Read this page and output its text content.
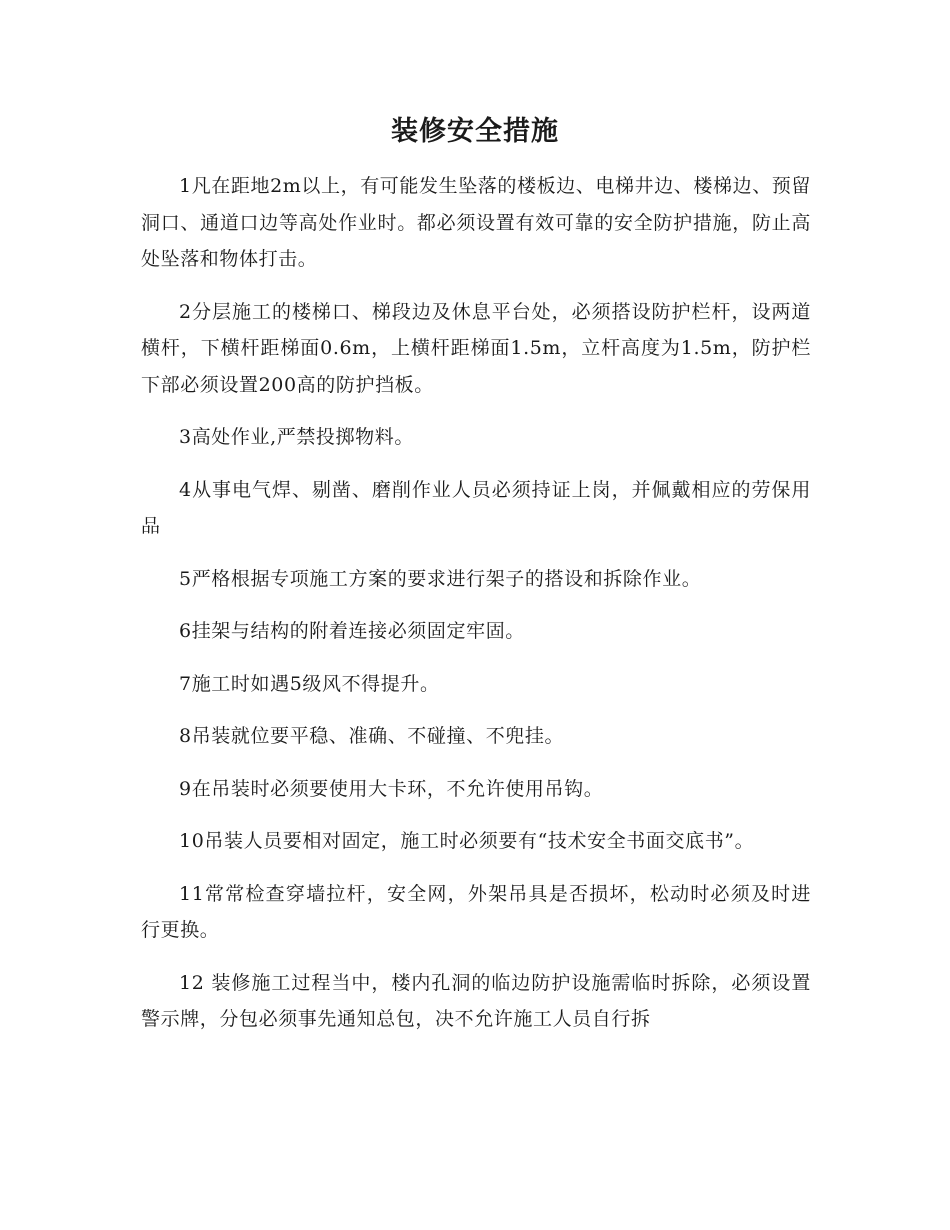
装修安全措施

1凡在距地2m以上，有可能发生坠落的楼板边、电梯井边、楼梯边、预留洞口、通道口边等高处作业时。都必须设置有效可靠的安全防护措施，防止高处坠落和物体打击。

2分层施工的楼梯口、梯段边及休息平台处，必须搭设防护栏杆，设两道横杆，下横杆距梯面0.6m，上横杆距梯面1.5m，立杆高度为1.5m，防护栏下部必须设置200高的防护挡板。

3高处作业,严禁投掷物料。

4从事电气焊、剔凿、磨削作业人员必须持证上岗，并佩戴相应的劳保用品

5严格根据专项施工方案的要求进行架子的搭设和拆除作业。

6挂架与结构的附着连接必须固定牢固。

7施工时如遇5级风不得提升。

8吊装就位要平稳、准确、不碰撞、不兜挂。

9在吊装时必须要使用大卡环，不允许使用吊钩。

10吊装人员要相对固定，施工时必须要有“技术安全书面交底书”。

11常常检查穿墙拉杆，安全网，外架吊具是否损坏，松动时必须及时进行更换。

12 装修施工过程当中，楼内孔洞的临边防护设施需临时拆除，必须设置警示牌，分包必须事先通知总包，决不允许施工人员自行拆
